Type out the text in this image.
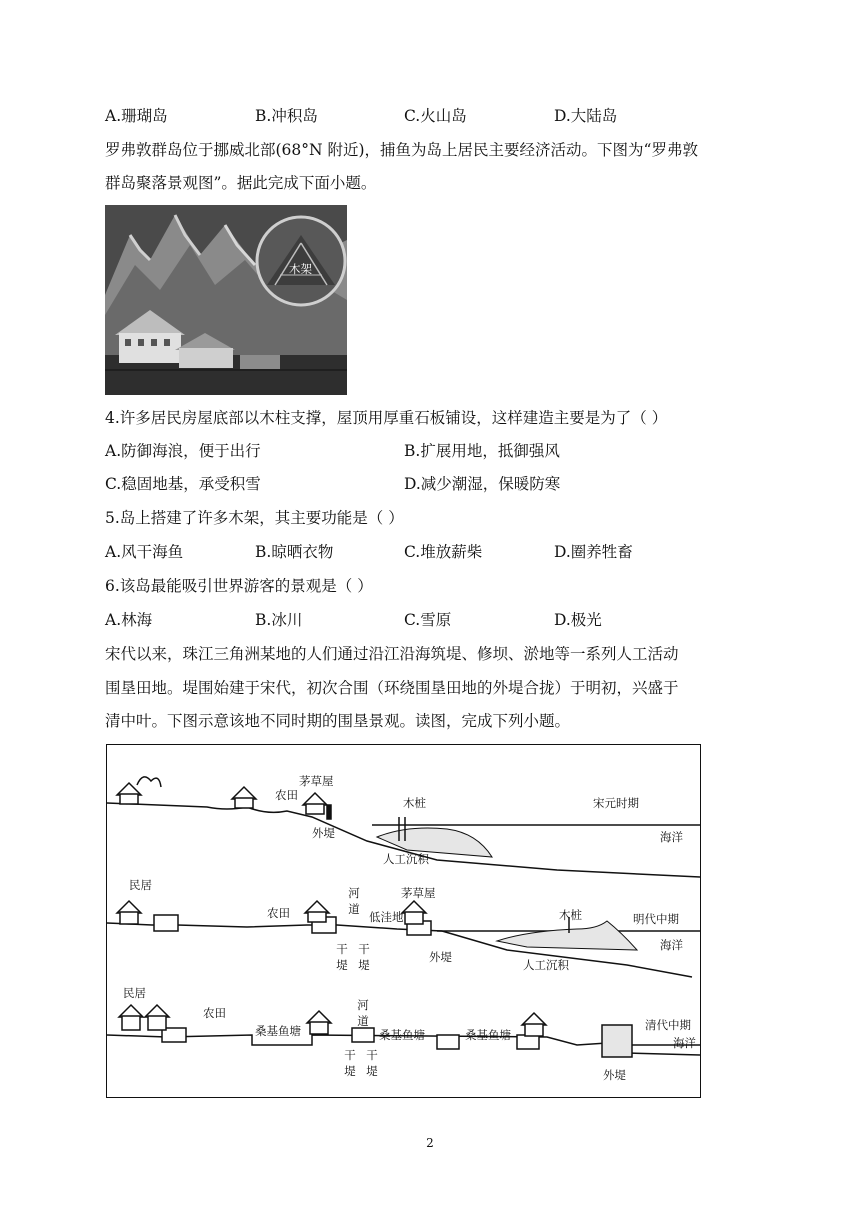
A.珊瑚岛	B.冲积岛	C.火山岛	D.大陆岛
罗弗敦群岛位于挪威北部(68°N 附近)，捕鱼为岛上居民主要经济活动。下图为“罗弗敦
群岛聚落景观图”。据此完成下面小题。
木架
4.许多居民房屋底部以木柱支撑，屋顶用厚重石板铺设，这样建造主要是为了（ ）
A.防御海浪，便于出行	B.扩展用地，抵御强风
C.稳固地基，承受积雪	D.减少潮湿，保暖防寒
5.岛上搭建了许多木架，其主要功能是（ ）
A.风干海鱼	B.晾晒衣物	C.堆放薪柴	D.圈养牲畜
6.该岛最能吸引世界游客的景观是（ ）
A.林海	B.冰川	C.雪原	D.极光
宋代以来，珠江三角洲某地的人们通过沿江沿海筑堤、修坝、淤地等一系列人工活动
围垦田地。堤围始建于宋代，初次合围（环绕围垦田地的外堤合拢）于明初，兴盛于
清中叶。下图示意该地不同时期的围垦景观。读图，完成下列小题。
宋元时期
茅草屋
农田
木桩
外堤	海洋
人工沉积
明代中期
民居
农田
河道
低洼地
茅草屋
木桩
外堤
海洋
人工沉积
干堤
干堤
清代中期
民居
农田
桑基鱼塘	桑基鱼塘	桑基鱼塘
河道
外堤
海洋
干堤
干堤
2
